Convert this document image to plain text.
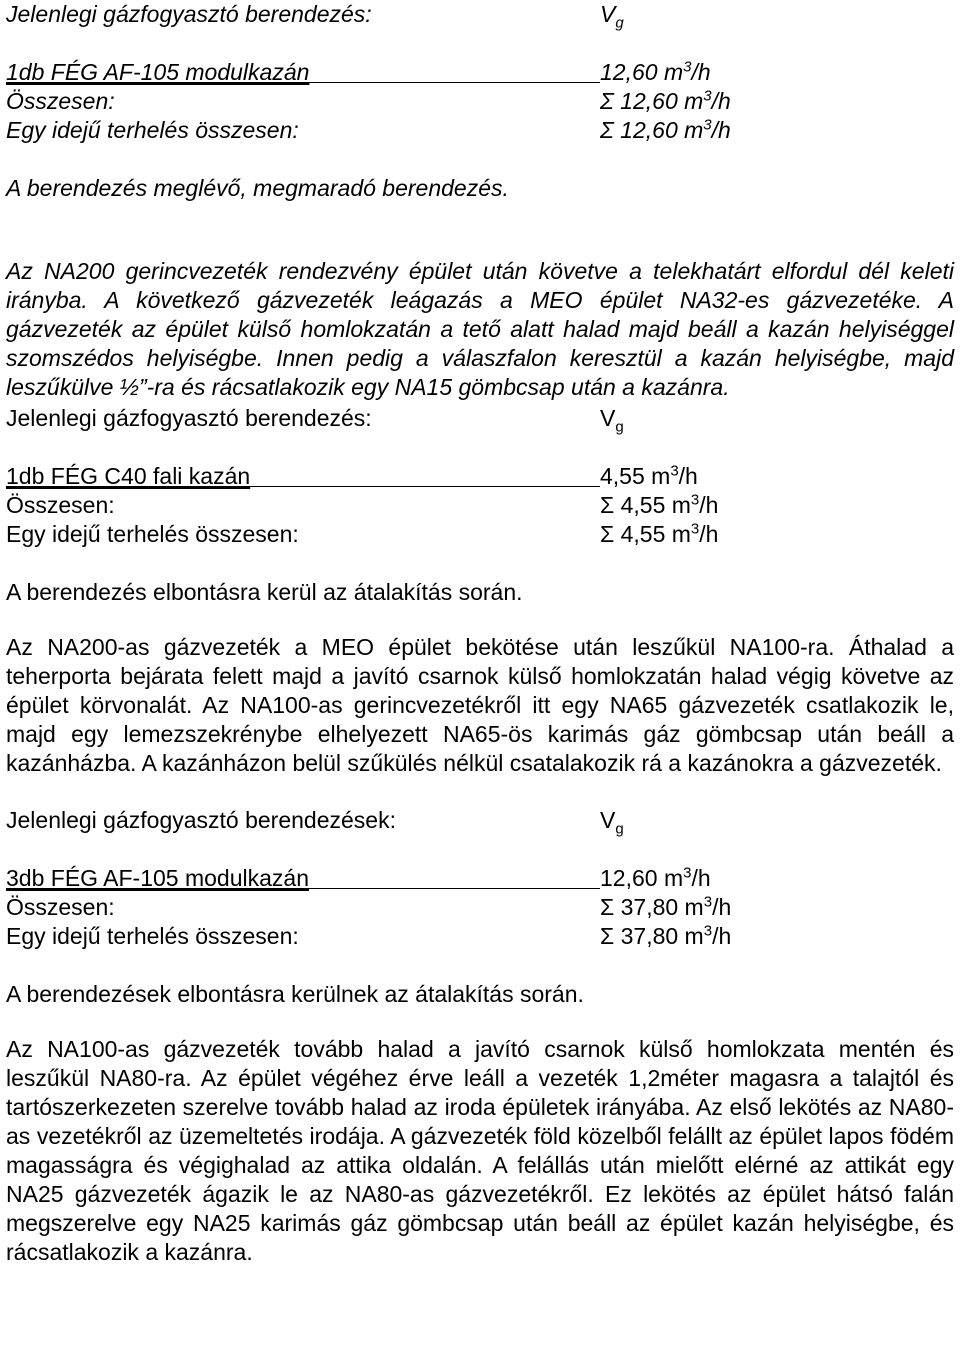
Jelenlegi gázfogyasztó berendezés:	$V_g$
1db FÉG AF-105 modulkazán	12,60 $m^3/h$
Összesen:	Σ 12,60 $m^3/h$
Egy idejű terhelés összesen:	Σ 12,60 $m^3/h$
A berendezés meglévő, megmaradó berendezés.

Az NA200 gerincvezeték rendezvény épület után követve a telekhatárt elfordul dél keleti irányba. A következő gázvezeték leágazás a MEO épület NA32-es gázvezetéke. A gázvezeték az épület külső homlokzatán a tető alatt halad majd beáll a kazán helyiséggel szomszédos helyiségbe. Innen pedig a válaszfalon keresztül a kazán helyiségbe, majd leszűkülve ½”-ra és rácsatlakozik egy NA15 gömbcsap után a kazánra.

Jelenlegi gázfogyasztó berendezés:	$V_g$
1db FÉG C40 fali kazán	4,55 $m^3/h$
Összesen:	Σ 4,55 $m^3/h$
Egy idejű terhelés összesen:	Σ 4,55 $m^3/h$
A berendezés elbontásra kerül az átalakítás során.

Az NA200-as gázvezeték a MEO épület bekötése után leszűkül NA100-ra. Áthalad a teherporta bejárata felett majd a javító csarnok külső homlokzatán halad végig követve az épület körvonalát. Az NA100-as gerincvezetékről itt egy NA65 gázvezeték csatlakozik le, majd egy lemezszekrénybe elhelyezett NA65-ös karimás gáz gömbcsap után beáll a kazánházba. A kazánházon belül szűkülés nélkül csatalakozik rá a kazánokra a gázvezeték.

Jelenlegi gázfogyasztó berendezések:	$V_g$
3db FÉG AF-105 modulkazán	12,60 $m^3/h$
Összesen:	Σ 37,80 $m^3/h$
Egy idejű terhelés összesen:	Σ 37,80 $m^3/h$
A berendezések elbontásra kerülnek az átalakítás során.

Az NA100-as gázvezeték tovább halad a javító csarnok külső homlokzata mentén és leszűkül NA80-ra. Az épület végéhez érve leáll a vezeték 1,2méter magasra a talajtól és tartószerkezeten szerelve tovább halad az iroda épületek irányába. Az első lekötés az NA80-as vezetékről az üzemeltetés irodája. A gázvezeték föld közelből felállt az épület lapos födém magasságra és végighalad az attika oldalán. A felállás után mielőtt elérné az attikát egy NA25 gázvezeték ágazik le az NA80-as gázvezetékről. Ez lekötés az épület hátsó falán megszerelve egy NA25 karimás gáz gömbcsap után beáll az épület kazán helyiségbe, és rácsatlakozik a kazánra.
